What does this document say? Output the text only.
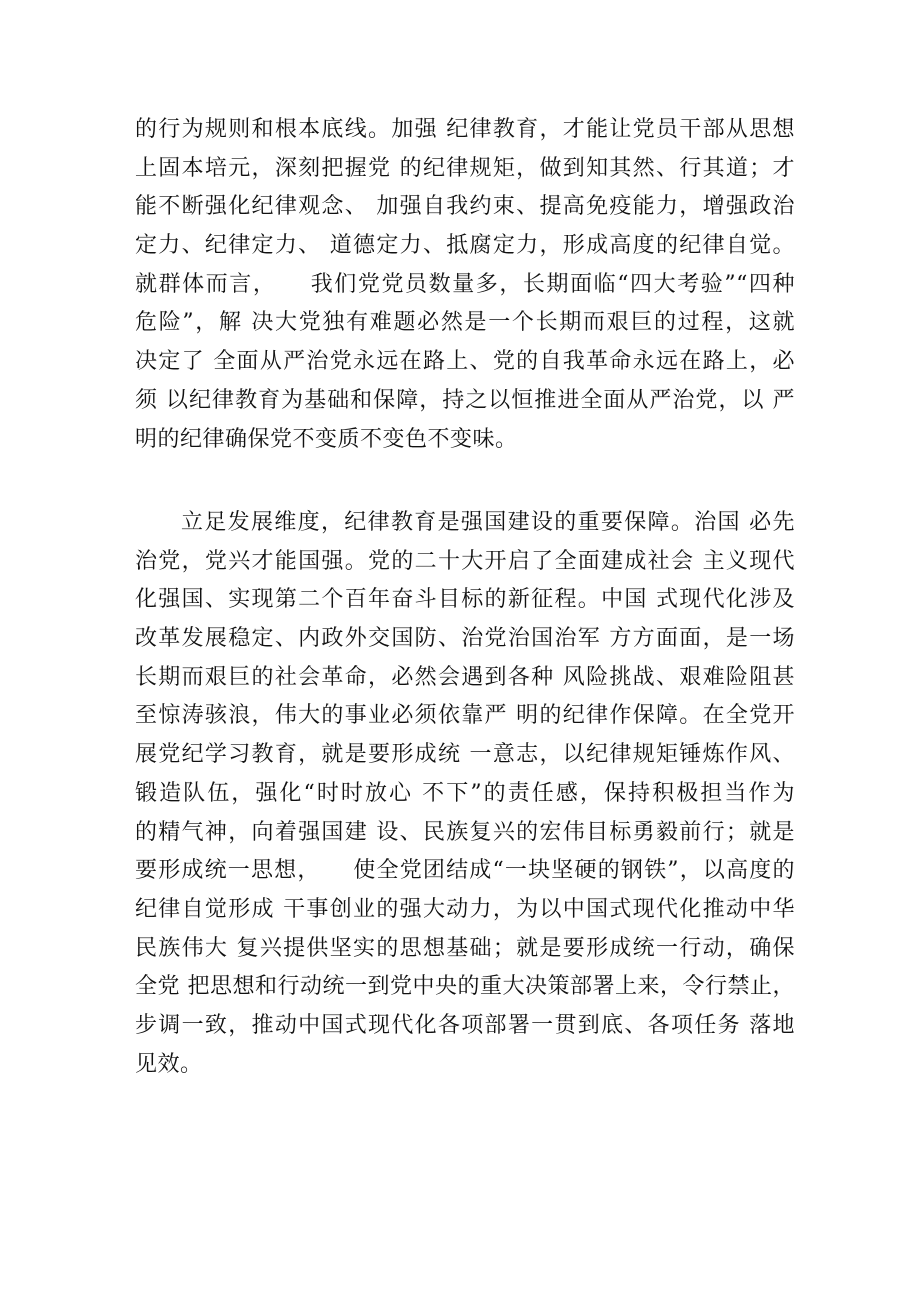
的行为规则和根本底线。加强 纪律教育，才能让党员干部从思想
上固本培元，深刻把握党 的纪律规矩，做到知其然、行其道；才
能不断强化纪律观念、 加强自我约束、提高免疫能力，增强政治
定力、纪律定力、 道德定力、抵腐定力，形成高度的纪律自觉。
就群体而言，    我们党党员数量多，长期面临“四大考验”“四种
危险”，解 决大党独有难题必然是一个长期而艰巨的过程，这就
决定了 全面从严治党永远在路上、党的自我革命永远在路上，必
须 以纪律教育为基础和保障，持之以恒推进全面从严治党，以 严
明的纪律确保党不变质不变色不变味。
立足发展维度，纪律教育是强国建设的重要保障。治国 必先
治党，党兴才能国强。党的二十大开启了全面建成社会 主义现代
化强国、实现第二个百年奋斗目标的新征程。中国 式现代化涉及
改革发展稳定、内政外交国防、治党治国治军 方方面面，是一场
长期而艰巨的社会革命，必然会遇到各种 风险挑战、艰难险阻甚
至惊涛骇浪，伟大的事业必须依靠严 明的纪律作保障。在全党开
展党纪学习教育，就是要形成统 一意志，以纪律规矩锤炼作风、
锻造队伍，强化“时时放心 不下”的责任感，保持积极担当作为
的精气神，向着强国建 设、民族复兴的宏伟目标勇毅前行；就是
要形成统一思想，    使全党团结成“一块坚硬的钢铁”，以高度的
纪律自觉形成 干事创业的强大动力，为以中国式现代化推动中华
民族伟大 复兴提供坚实的思想基础；就是要形成统一行动，确保
全党 把思想和行动统一到党中央的重大决策部署上来，令行禁止，
步调一致，推动中国式现代化各项部署一贯到底、各项任务 落地
见效。
